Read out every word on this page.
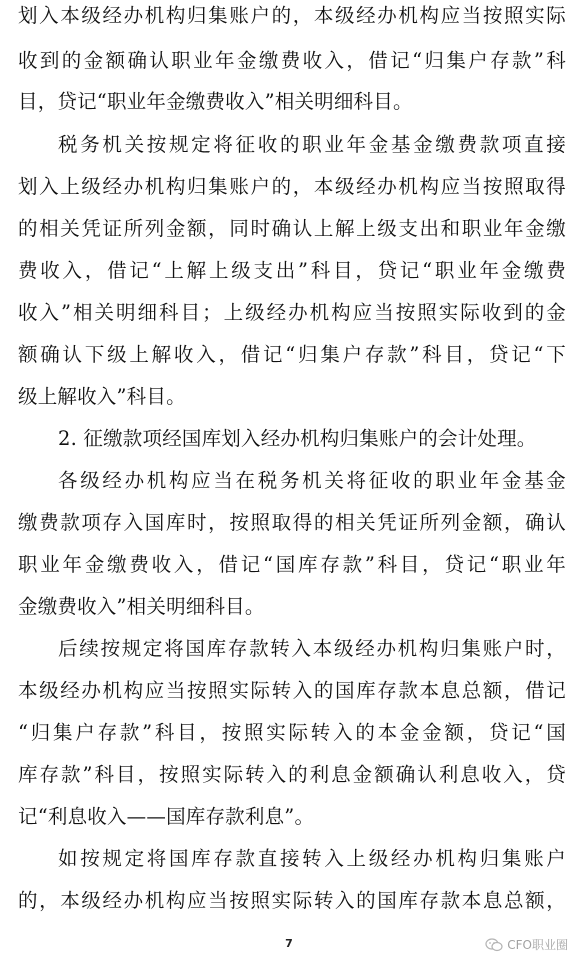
划入本级经办机构归集账户的，本级经办机构应当按照实际
收到的金额确认职业年金缴费收入，借记“归集户存款”科
目，贷记“职业年金缴费收入”相关明细科目。
税务机关按规定将征收的职业年金基金缴费款项直接
划入上级经办机构归集账户的，本级经办机构应当按照取得
的相关凭证所列金额，同时确认上解上级支出和职业年金缴
费收入，借记“上解上级支出”科目，贷记“职业年金缴费
收入”相关明细科目；上级经办机构应当按照实际收到的金
额确认下级上解收入，借记“归集户存款”科目，贷记“下
级上解收入”科目。
2. 征缴款项经国库划入经办机构归集账户的会计处理。
各级经办机构应当在税务机关将征收的职业年金基金
缴费款项存入国库时，按照取得的相关凭证所列金额，确认
职业年金缴费收入，借记“国库存款”科目，贷记“职业年
金缴费收入”相关明细科目。
后续按规定将国库存款转入本级经办机构归集账户时，
本级经办机构应当按照实际转入的国库存款本息总额，借记
“归集户存款”科目，按照实际转入的本金金额，贷记“国
库存款”科目，按照实际转入的利息金额确认利息收入，贷
记“利息收入——国库存款利息”。
如按规定将国库存款直接转入上级经办机构归集账户
的，本级经办机构应当按照实际转入的国库存款本息总额，
7	CFO职业圈
